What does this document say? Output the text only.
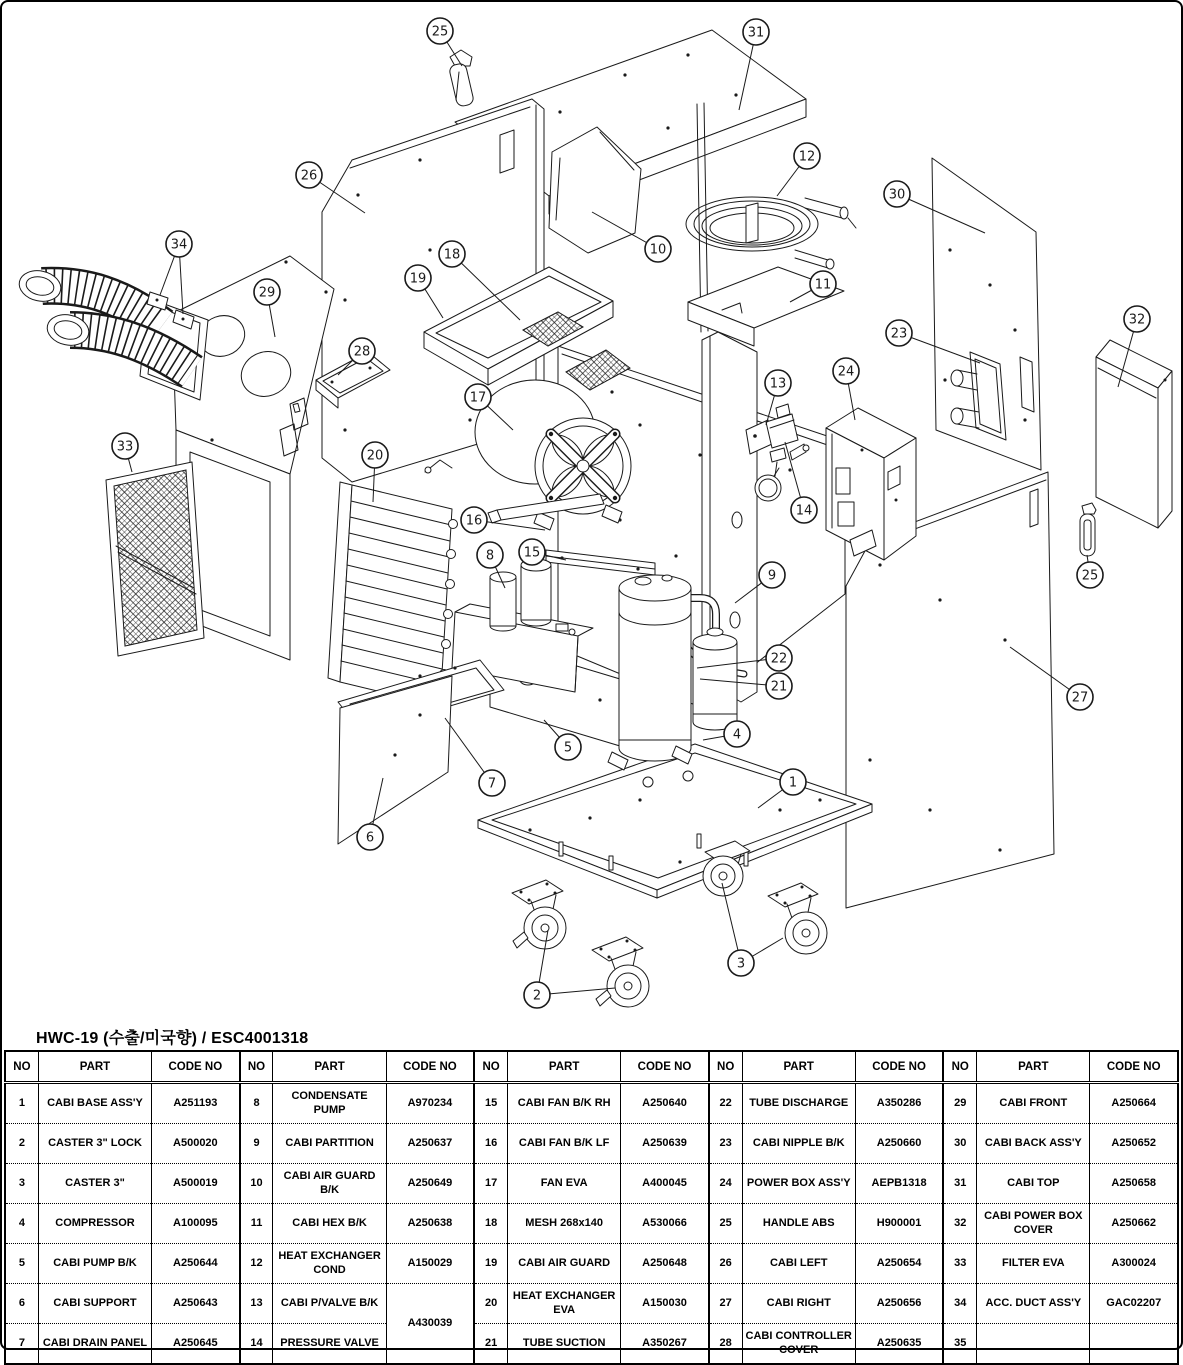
25	31
12
26
30
34	10
18
19	11
29
32
23
28
24
13
17
33
20
14
16
8 15
9	25
22
21
27
4
5
1
7
6
3
2
HWC-19 (수출/미국향) / ESC4001318
NO	PART	CODE NO	NO	PART	CODE NO	NO	PART	CODE NO	NO	PART	CODE NO	NO	PART	CODE NO
1	CABI BASE ASS'Y	A251193	8	CONDENSATE PUMP	A970234	15	CABI FAN B/K RH	A250640	22	TUBE DISCHARGE	A350286	29	CABI FRONT	A250664
2	CASTER 3" LOCK	A500020	9	CABI PARTITION	A250637	16	CABI FAN B/K LF	A250639	23	CABI NIPPLE B/K	A250660	30	CABI BACK ASS'Y	A250652
3	CASTER 3"	A500019	10	CABI AIR GUARD B/K	A250649	17	FAN EVA	A400045	24	POWER BOX ASS'Y	AEPB1318	31	CABI TOP	A250658
4	COMPRESSOR	A100095	11	CABI HEX B/K	A250638	18	MESH 268x140	A530066	25	HANDLE ABS	H900001	32	CABI POWER BOX COVER	A250662
5	CABI PUMP B/K	A250644	12	HEAT EXCHANGER COND	A150029	19	CABI AIR GUARD	A250648	26	CABI LEFT	A250654	33	FILTER EVA	A300024
6	CABI SUPPORT	A250643	13	CABI P/VALVE B/K	A430039	20	HEAT EXCHANGER EVA	A150030	27	CABI RIGHT	A250656	34	ACC. DUCT ASS'Y	GAC02207
7	CABI DRAIN PANEL	A250645	14	PRESSURE VALVE		21	TUBE SUCTION	A350267	28	CABI CONTROLLER COVER	A250635	35		
